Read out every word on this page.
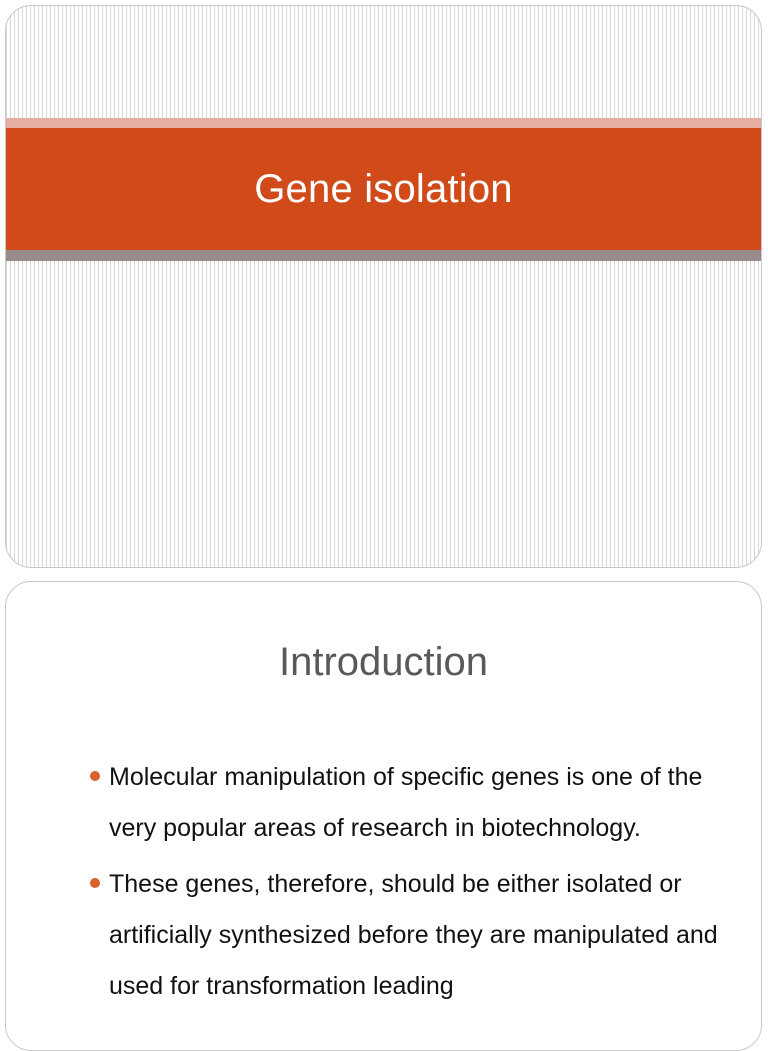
Gene isolation
Introduction
Molecular manipulation of specific genes is one of the very popular areas of research in biotechnology.
These genes, therefore, should be either isolated or artificially synthesized before they are manipulated and used for transformation leading
